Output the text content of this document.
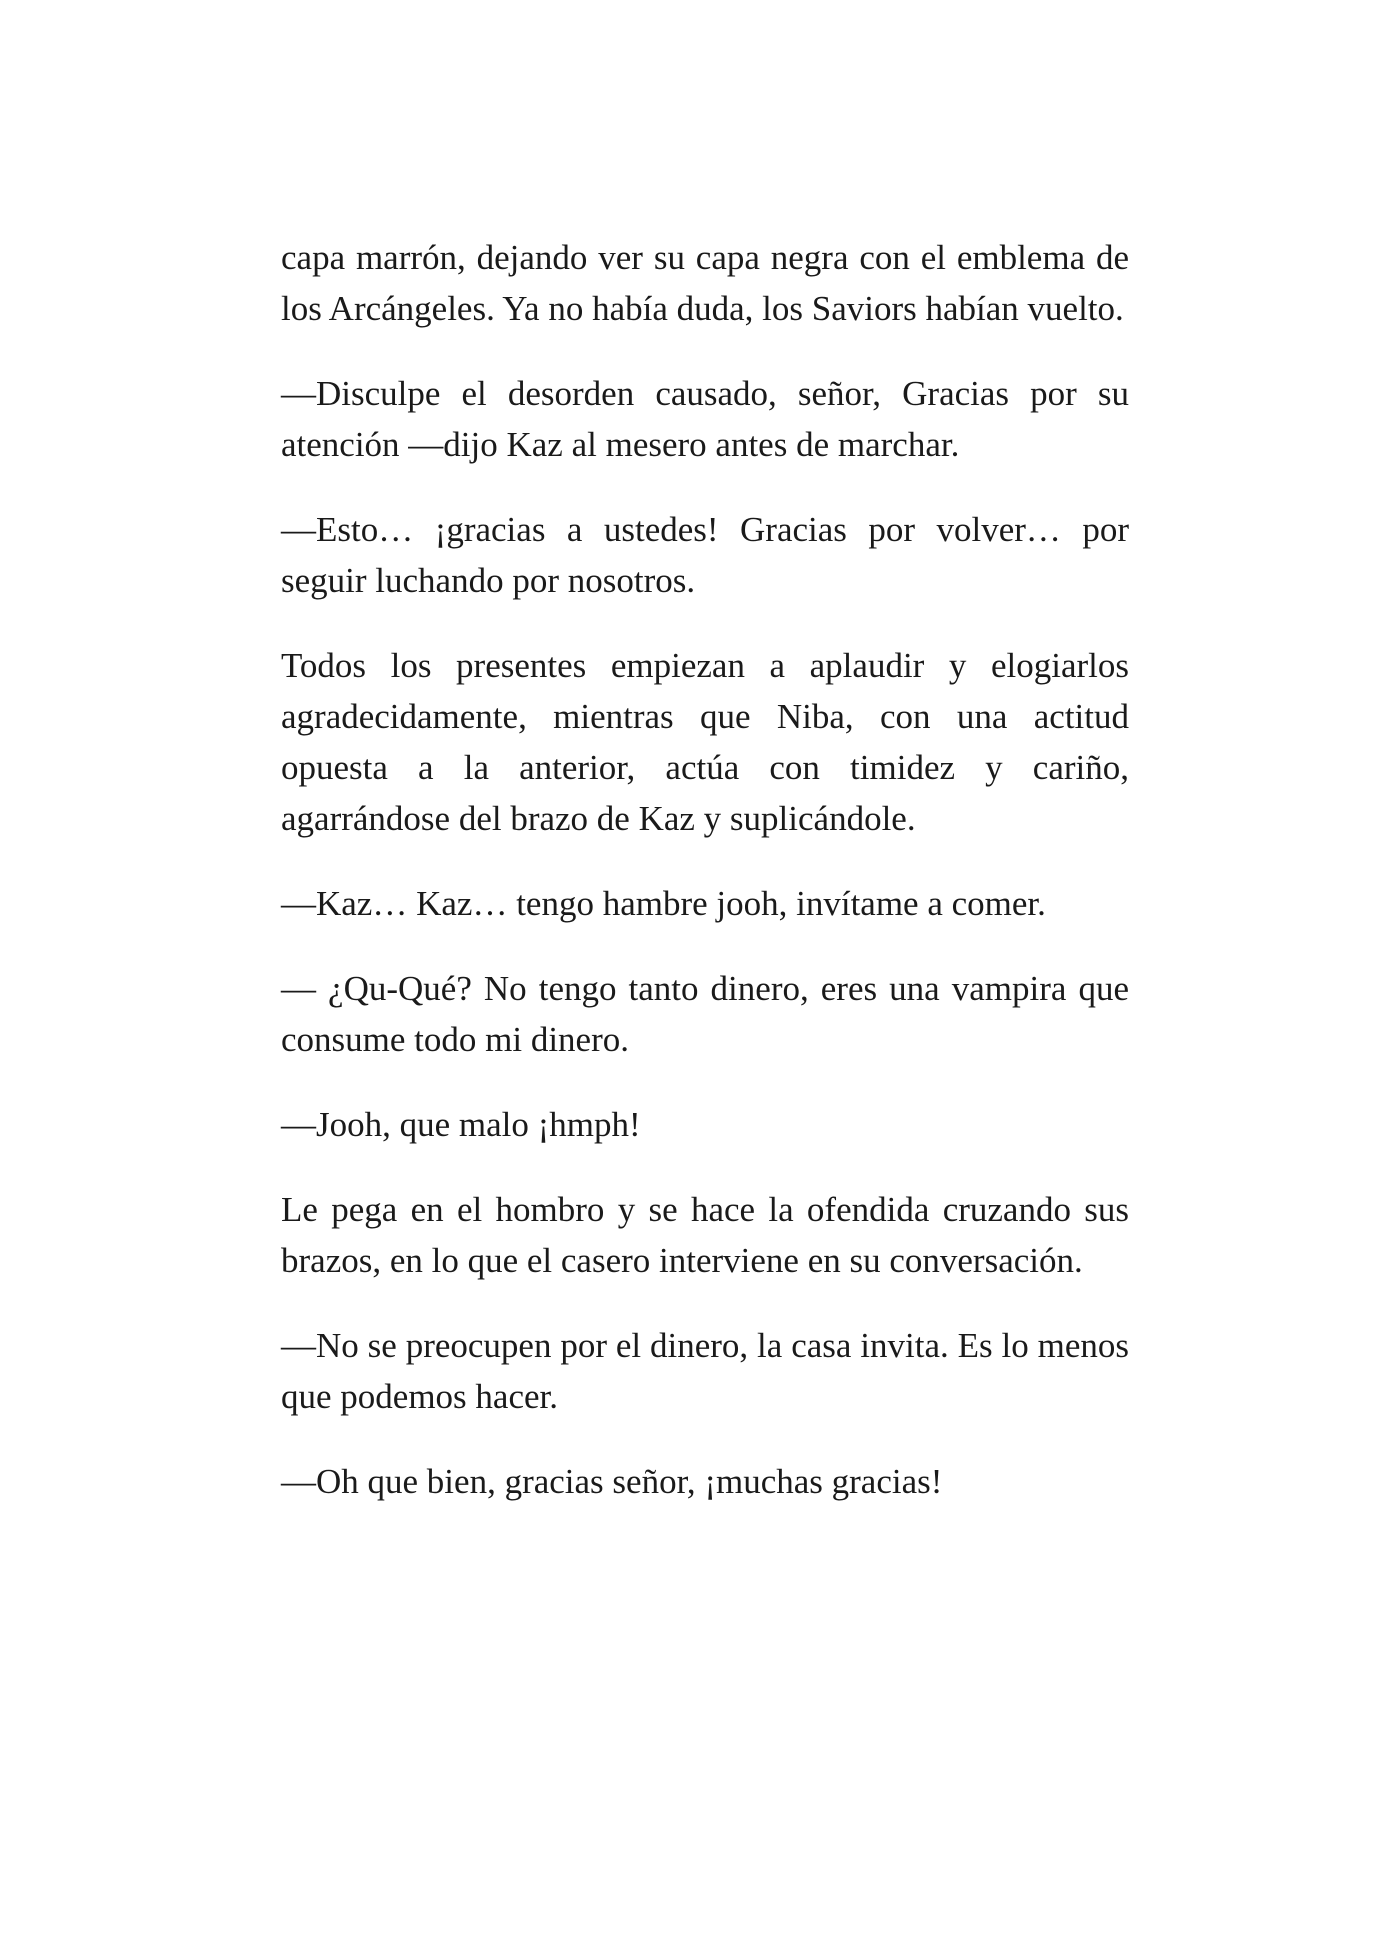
capa marrón, dejando ver su capa negra con el emblema de los Arcángeles. Ya no había duda, los Saviors habían vuelto.

—Disculpe el desorden causado, señor, Gracias por su atención —dijo Kaz al mesero antes de marchar.

—Esto… ¡gracias a ustedes! Gracias por volver… por seguir luchando por nosotros.

Todos los presentes empiezan a aplaudir y elogiarlos agradecidamente, mientras que Niba, con una actitud opuesta a la anterior, actúa con timidez y cariño, agarrándose del brazo de Kaz y suplicándole.

—Kaz… Kaz… tengo hambre jooh, invítame a comer.

— ¿Qu-Qué? No tengo tanto dinero, eres una vampira que consume todo mi dinero.

—Jooh, que malo ¡hmph!

Le pega en el hombro y se hace la ofendida cruzando sus brazos, en lo que el casero interviene en su conversación.

—No se preocupen por el dinero, la casa invita. Es lo menos que podemos hacer.

—Oh que bien, gracias señor, ¡muchas gracias!
